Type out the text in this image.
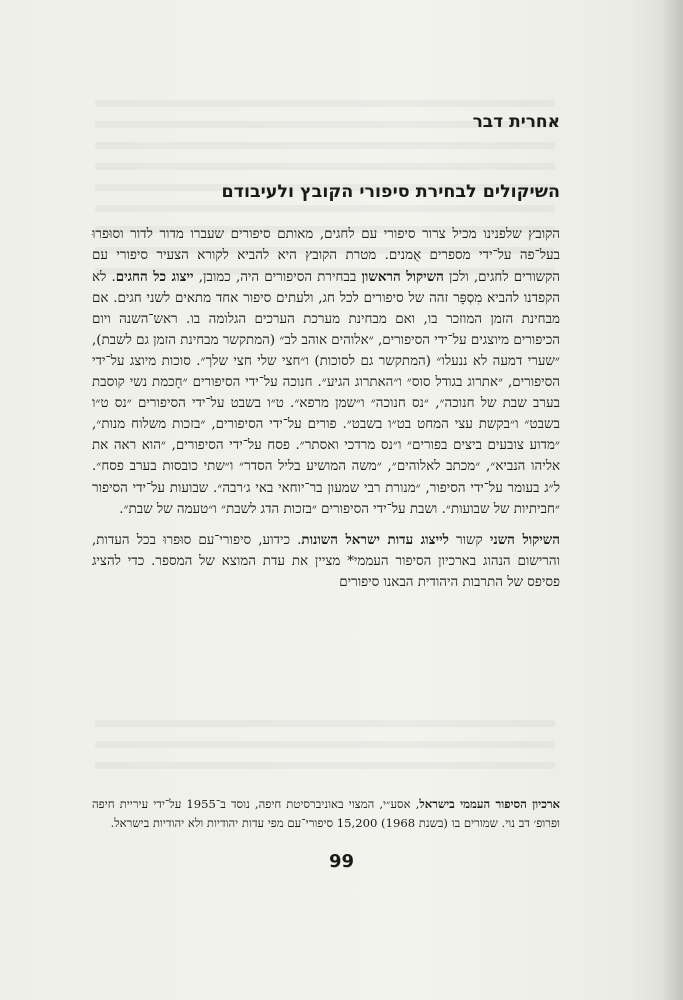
אחרית דבר
השיקולים לבחירת סיפורי הקובץ ולעיבודם

הקובץ שלפנינו מכיל צרור סיפורי עם לחגים, מאותם סיפורים שעברו מדור לדור וסוּפרוּ בעל־פה על־ידי מספרים אֻמנים. מטרת הקובץ היא להביא לקורא הצעיר סיפורי עם הקשורים לחגים, ולכן השיקול הראשון בבחירת הסיפורים היה, כמובן, ייצוג כל החגים. לא הקפדנו להביא מִסְפָּר זהה של סיפורים לכל חג, ולעתים סיפור אחד מתאים לשני חגים. אם מבחינת הזמן המוזכר בו, ואם מבחינת מערכת הערכים הגלומה בו. ראש־השנה ויום הכיפורים מיוצגים על־ידי הסיפורים, ״אלוהים אוהב לב״ (המתקשר מבחינת הזמן גם לשבת), ״שערי דמעה לא ננעלו״ (המתקשר גם לסוכות) ו״חצי שלי חצי שלך״. סוכות מיוצג על־ידי הסיפורים, ״אתרוג בגודל סוס״ ו״האתרוג הגיע״. חנוכה על־ידי הסיפורים ״חָכמת נשי קוסבת בערב שבת של חנוכה״, ״נס חנוכה״ ו״שמן מרפא״. ט״ו בשבט על־ידי הסיפורים ״נס ט״ו בשבט״ ו״בקשת עצי המחט בט״ו בשבט״. פורים על־ידי הסיפורים, ״בזכות משלוח מנות״, ״מדוע צובעים ביצים בפורים״ ו״נס מרדכי ואסתר״. פסח על־ידי הסיפורים, ״הוא ראה את אליהו הנביא״, ״מכתב לאלוהים״, ״משה המושיע בליל הסדר״ ו״שתי כובסות בערב פסח״. ל״ג בעומר על־ידי הסיפור, ״מנורת רבי שמעון בר־יוחאי באי ג׳רבה״. שבועות על־ידי הסיפור ״חביתיות של שבועות״. ושבת על־ידי הסיפורים ״בזכות הדג לשבת״ ו״טעמה של שבת״.

השיקול השני קשור לייצוג עדות ישראל השונות. כידוע, סיפורי־עם סוּפרוּ בכל העדות, והרישום הנהוג בארכיון הסיפור העממי* מציין את עדת המוצא של המספר. כדי להציג פסיפס של התרבות היהודית הבאנו סיפורים

ארכיון הסיפור העממי בישראל, אסע״י, המצוי באוניברסיטת חיפה, נוסד ב־1955 על־ידי עיריית חיפה ופרופ׳ דב נוי. שמורים בו (בשנת 1968) 15,200 סיפורי־עם מפי עדות יהודיות ולא יהודיות בישראל.
99
